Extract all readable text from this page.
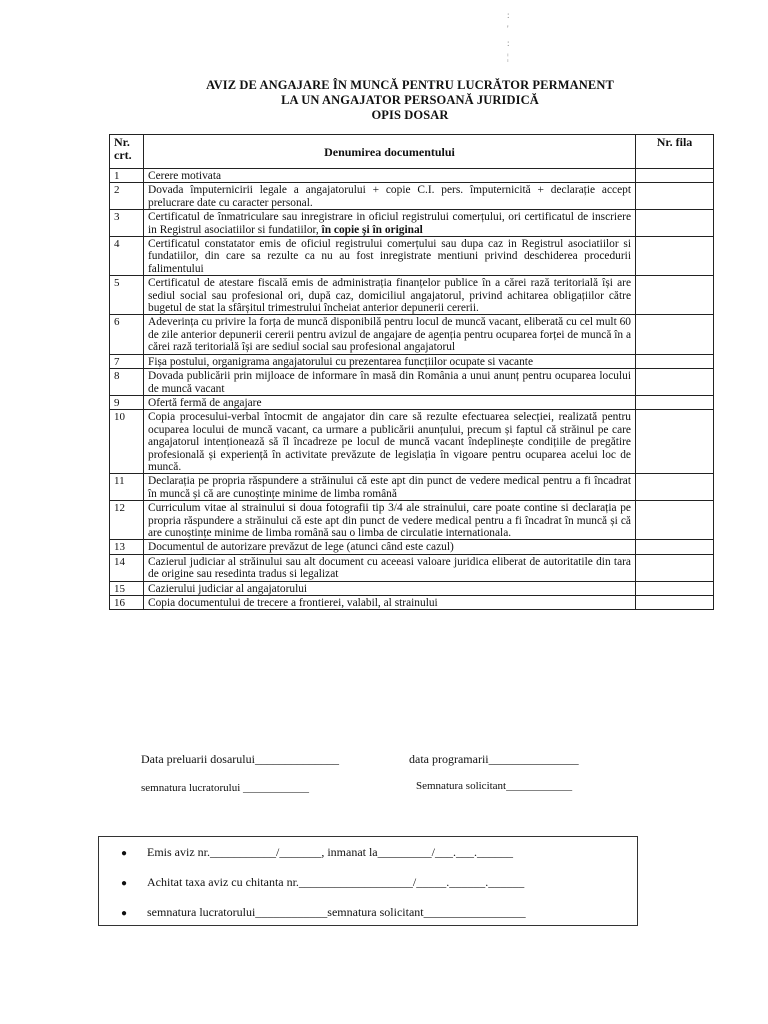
:
'
:
¦
AVIZ DE ANGAJARE ÎN MUNCĂ PENTRU LUCRĂTOR PERMANENT
LA UN ANGAJATOR PERSOANĂ JURIDICĂ
OPIS DOSAR
Nr. crt.	Denumirea documentului	Nr. fila
1	Cerere motivata	
2	Dovada împuternicirii legale a angajatorului + copie C.I. pers. împuternicită + declarație accept prelucrare date cu caracter personal.	
3	Certificatul de înmatriculare sau inregistrare in oficiul registrului comerțului, ori certificatul de inscriere in Registrul asociatiilor si fundatiilor, în copie şi în original	
4	Certificatul constatator emis de oficiul registrului comerțului sau dupa caz in Registrul asociatiilor si fundatiilor, din care sa rezulte ca nu au fost inregistrate mentiuni privind deschiderea procedurii falimentului	
5	Certificatul de atestare fiscală emis de administrația finanțelor publice în a cărei rază teritorială își are sediul social sau profesional ori, după caz, domiciliul angajatorul, privind achitarea obligațiilor către bugetul de stat la sfârșitul trimestrului încheiat anterior depunerii cererii.	
6	Adeverința cu privire la forța de muncă disponibilă pentru locul de muncă vacant, eliberată cu cel mult 60 de zile anterior depunerii cererii pentru avizul de angajare de agenția pentru ocuparea forței de muncă în a cărei rază teritorială își are sediul social sau profesional angajatorul	
7	Fișa postului, organigrama angajatorului cu prezentarea funcțiilor ocupate si vacante	
8	Dovada publicării prin mijloace de informare în masă din România a unui anunț pentru ocuparea locului de muncă vacant	
9	Ofertă fermă de angajare	
10	Copia procesului-verbal întocmit de angajator din care să rezulte efectuarea selecției, realizată pentru ocuparea locului de muncă vacant, ca urmare a publicării anunțului, precum și faptul că străinul pe care angajatorul intenționează să îl încadreze pe locul de muncă vacant îndeplinește condițiile de pregătire profesională și experiență în activitate prevăzute de legislația în vigoare pentru ocuparea acelui loc de muncă.	
11	Declarația pe propria răspundere a străinului că este apt din punct de vedere medical pentru a fi încadrat în muncă și că are cunoștințe minime de limba română	
12	Curriculum vitae al strainului si doua fotografii tip 3/4 ale strainului, care poate contine si declarația pe propria răspundere a străinului că este apt din punct de vedere medical pentru a fi încadrat în muncă și că are cunoștințe minime de limba română sau o limba de circulatie internationala.	
13	Documentul de autorizare prevăzut de lege (atunci când este cazul)	
14	Cazierul judiciar al străinului sau alt document cu aceeasi valoare juridica eliberat de autoritatile din tara de origine sau resedinta tradus si legalizat	
15	Cazierului judiciar al angajatorului	
16	Copia documentului de trecere a frontierei, valabil, al strainului	
Data preluarii dosarului______________	data programarii_______________
semnatura lucratorului ____________	Semnatura solicitant____________
● Emis aviz nr.___________/_______, inmanat la_________/___.___.______
● Achitat taxa aviz cu chitanta nr.___________________/_____.______.______
● semnatura lucratorului____________semnatura solicitant_________________
